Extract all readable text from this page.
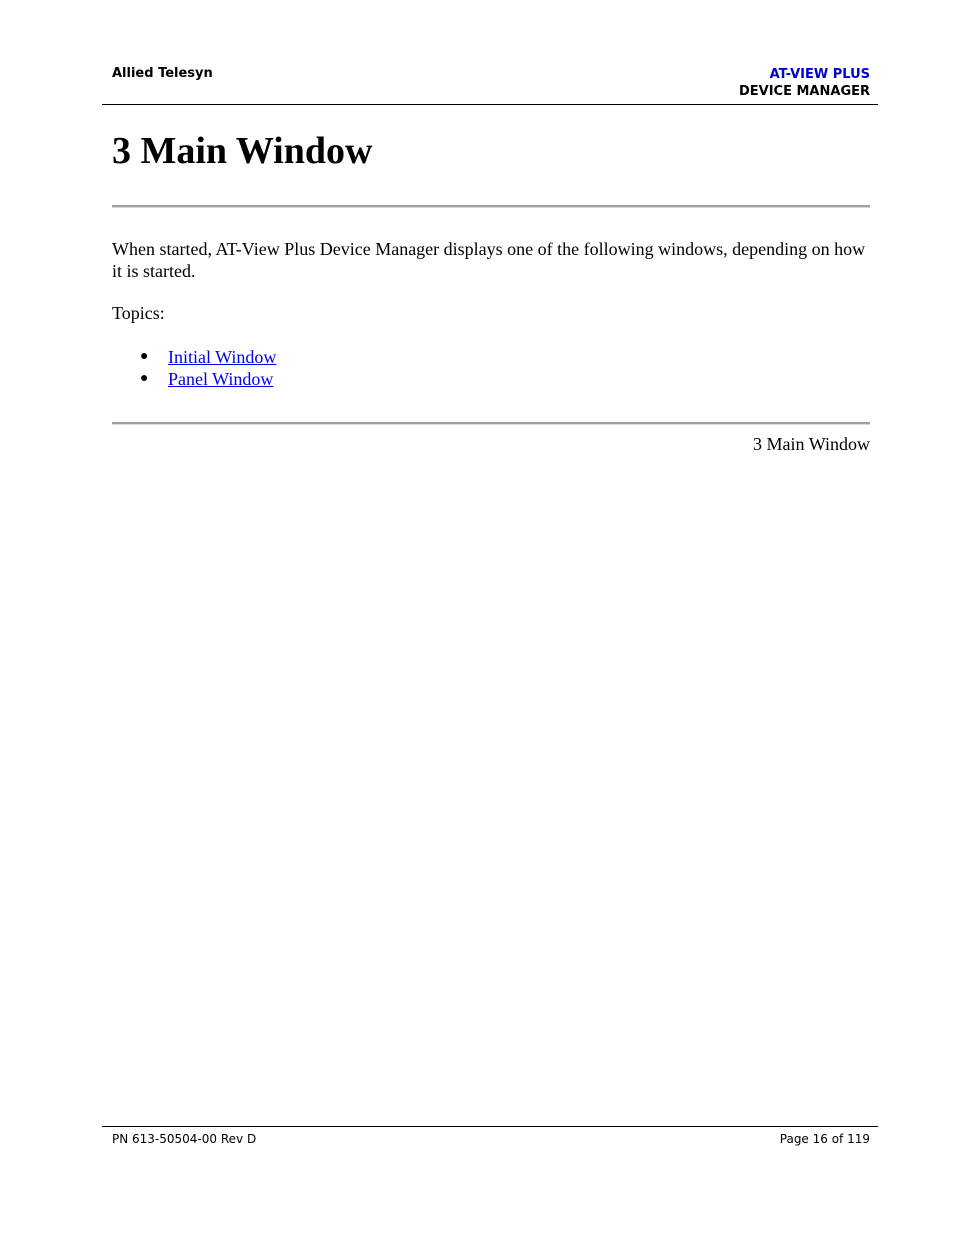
Allied Telesyn	AT-VIEW PLUS
DEVICE MANAGER
3 Main Window

When started, AT-View Plus Device Manager displays one of the following windows, depending on how it is started.

Topics:

● Initial Window
● Panel Window
3 Main Window
PN 613-50504-00 Rev D	Page 16 of 119
